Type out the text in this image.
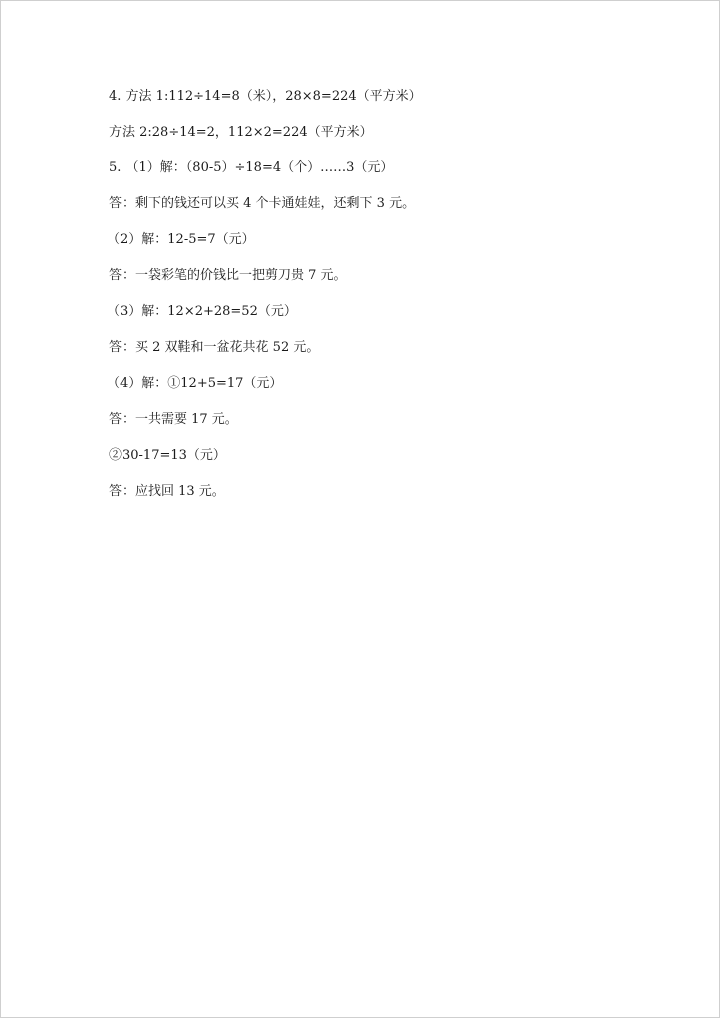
4. 方法 1:112÷14=8（米），28×8=224（平方米）
方法 2:28÷14=2，112×2=224（平方米）
5. （1）解：（80-5）÷18=4（个）……3（元）
答：剩下的钱还可以买 4 个卡通娃娃，还剩下 3 元。
（2）解：12-5=7（元）
答：一袋彩笔的价钱比一把剪刀贵 7 元。
（3）解：12×2+28=52（元）
答：买 2 双鞋和一盆花共花 52 元。
（4）解：①12+5=17（元）
答：一共需要 17 元。
②30-17=13（元）
答：应找回 13 元。
